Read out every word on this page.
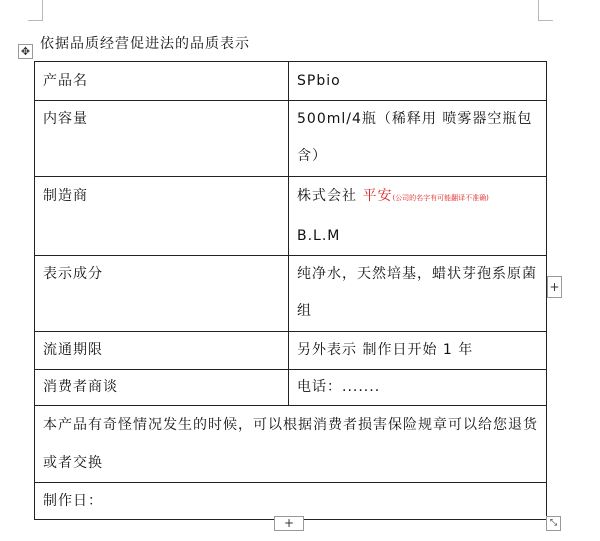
✥ 依据品质经营促进法的品质表示
产品名	SPbio
内容量	500ml/4瓶（稀释用 喷雾器空瓶包含）
制造商	株式会社 平安(公司的名字有可能翻译不准确)
B.L.M
表示成分	纯净水，天然培基，蜡状芽孢系原菌组
流通期限	另外表示 制作日开始 1 年
消费者商谈	电话：.......
本产品有奇怪情况发生的时候，可以根据消费者损害保险规章可以给您退货或者交换	
制作日：	
+
+	⤡
